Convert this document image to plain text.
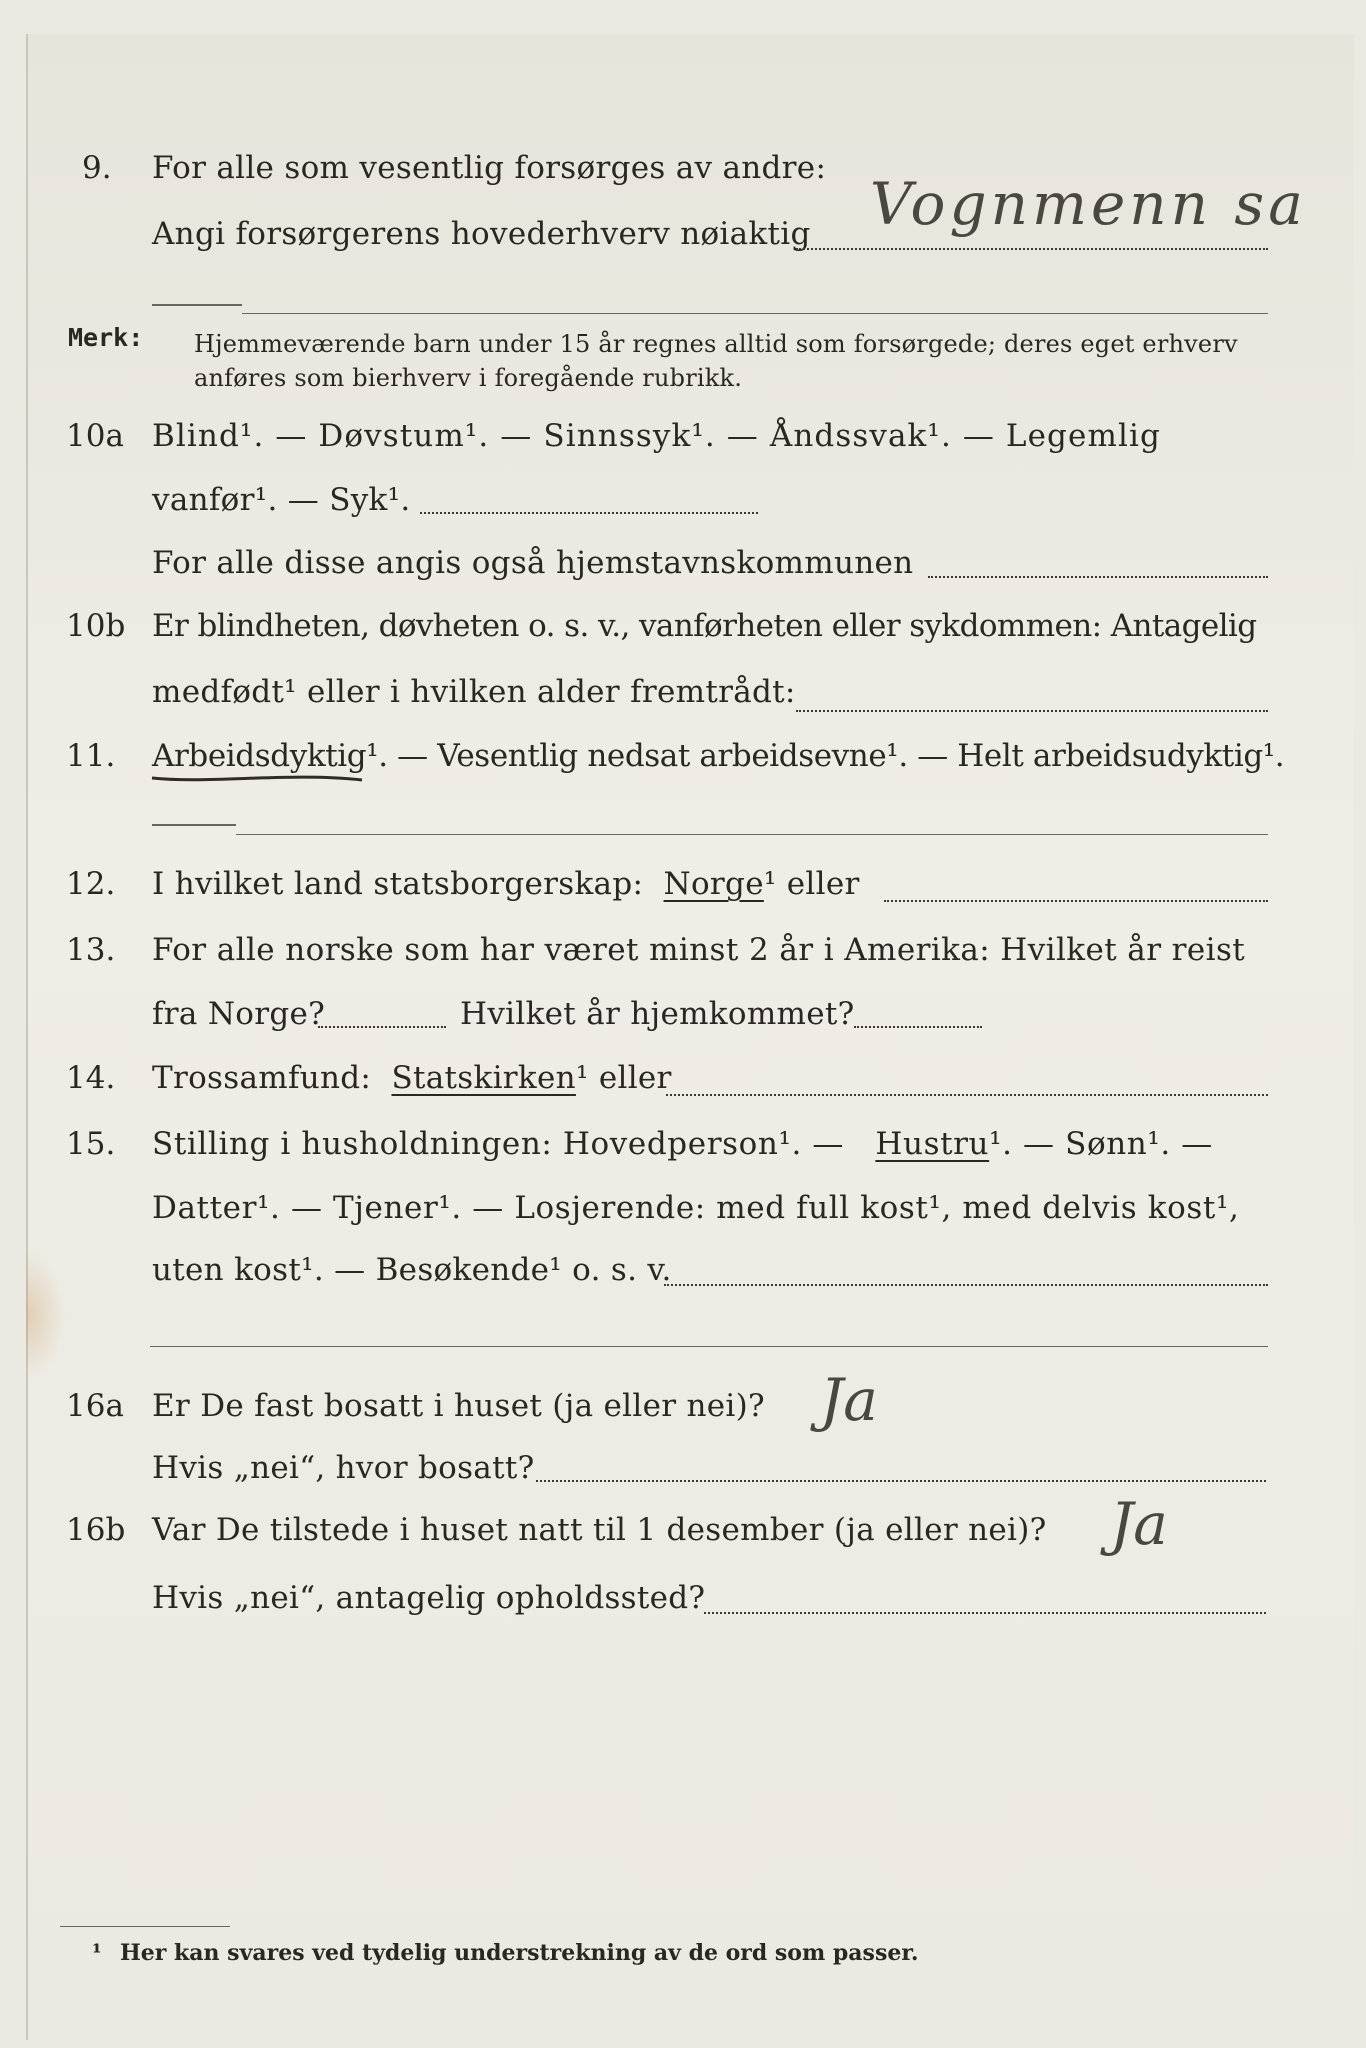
9. For alle som vesentlig forsørges av andre:
Angi forsørgerens hovederhverv nøiaktig Vognmenn sa
Merk: Hjemmeværende barn under 15 år regnes alltid som forsørgede; deres eget erhverv
anføres som bierhverv i foregående rubrikk.
10a Blind¹. — Døvstum¹. — Sinnssyk¹. — Åndssvak¹. — Legemlig
vanfør¹. — Syk¹.
For alle disse angis også hjemstavnskommunen
10b Er blindheten, døvheten o. s. v., vanførheten eller sykdommen: Antagelig
medfødt¹ eller i hvilken alder fremtrådt:
11. Arbeidsdyktig¹. — Vesentlig nedsat arbeidsevne¹. — Helt arbeidsudyktig¹.
12. I hvilket land statsborgerskap: Norge¹ eller
13. For alle norske som har været minst 2 år i Amerika: Hvilket år reist
fra Norge?	Hvilket år hjemkommet?
14. Trossamfund: Statskirken¹ eller
15. Stilling i husholdningen: Hovedperson¹. — Hustru¹. — Sønn¹. —
Datter¹. — Tjener¹. — Losjerende: med full kost¹, med delvis kost¹,
uten kost¹. — Besøkende¹ o. s. v.
16a Er De fast bosatt i huset (ja eller nei)? Ja
Hvis „nei“, hvor bosatt?
16b Var De tilstede i huset natt til 1 desember (ja eller nei)? Ja
Hvis „nei“, antagelig opholdssted?
¹ Her kan svares ved tydelig understrekning av de ord som passer.
